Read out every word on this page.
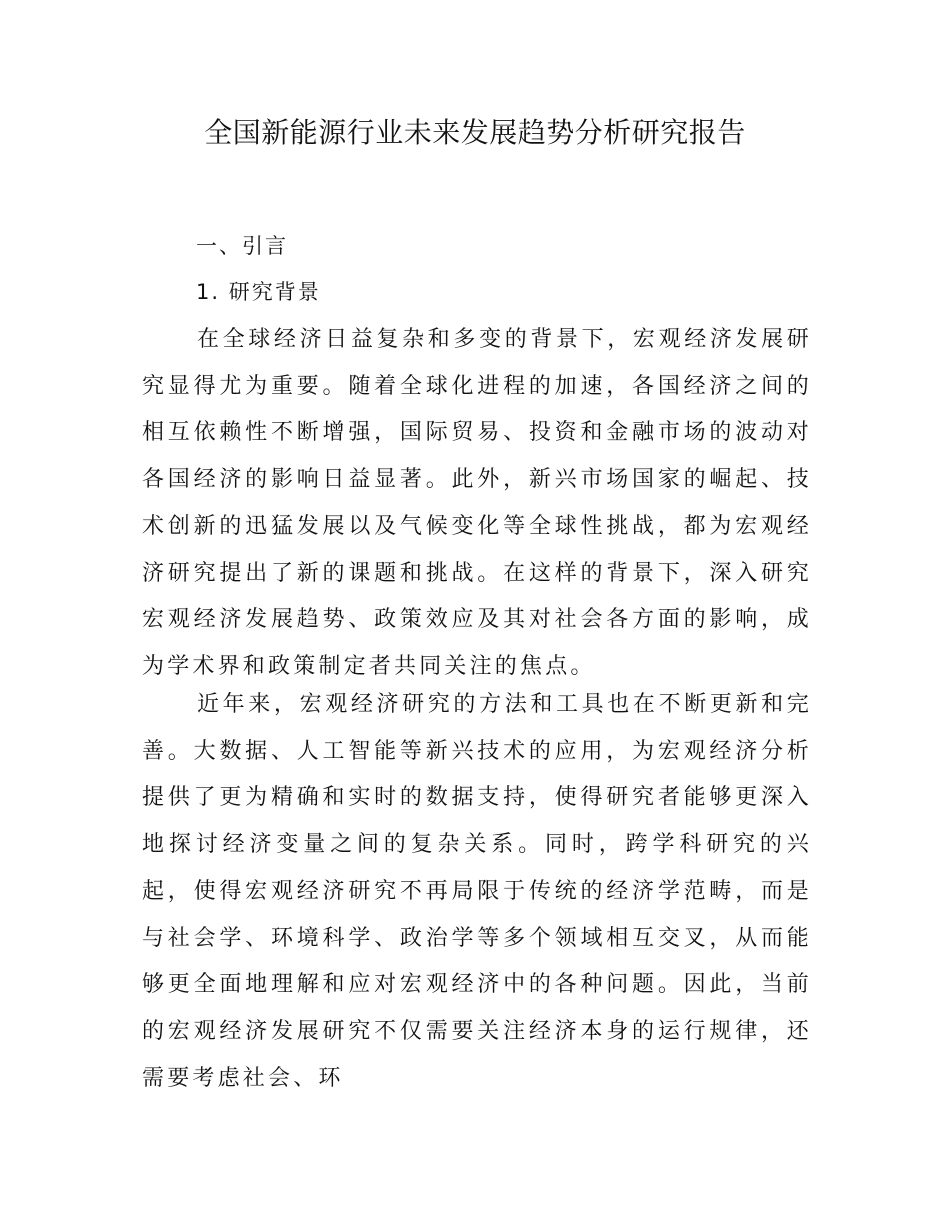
全国新能源行业未来发展趋势分析研究报告
一、引言
1. 研究背景

在全球经济日益复杂和多变的背景下，宏观经济发展研究显得尤为重要。随着全球化进程的加速，各国经济之间的相互依赖性不断增强，国际贸易、投资和金融市场的波动对各国经济的影响日益显著。此外，新兴市场国家的崛起、技术创新的迅猛发展以及气候变化等全球性挑战，都为宏观经济研究提出了新的课题和挑战。在这样的背景下，深入研究宏观经济发展趋势、政策效应及其对社会各方面的影响，成为学术界和政策制定者共同关注的焦点。

近年来，宏观经济研究的方法和工具也在不断更新和完善。大数据、人工智能等新兴技术的应用，为宏观经济分析提供了更为精确和实时的数据支持，使得研究者能够更深入地探讨经济变量之间的复杂关系。同时，跨学科研究的兴起，使得宏观经济研究不再局限于传统的经济学范畴，而是与社会学、环境科学、政治学等多个领域相互交叉，从而能够更全面地理解和应对宏观经济中的各种问题。因此，当前的宏观经济发展研究不仅需要关注经济本身的运行规律，还需要考虑社会、环
